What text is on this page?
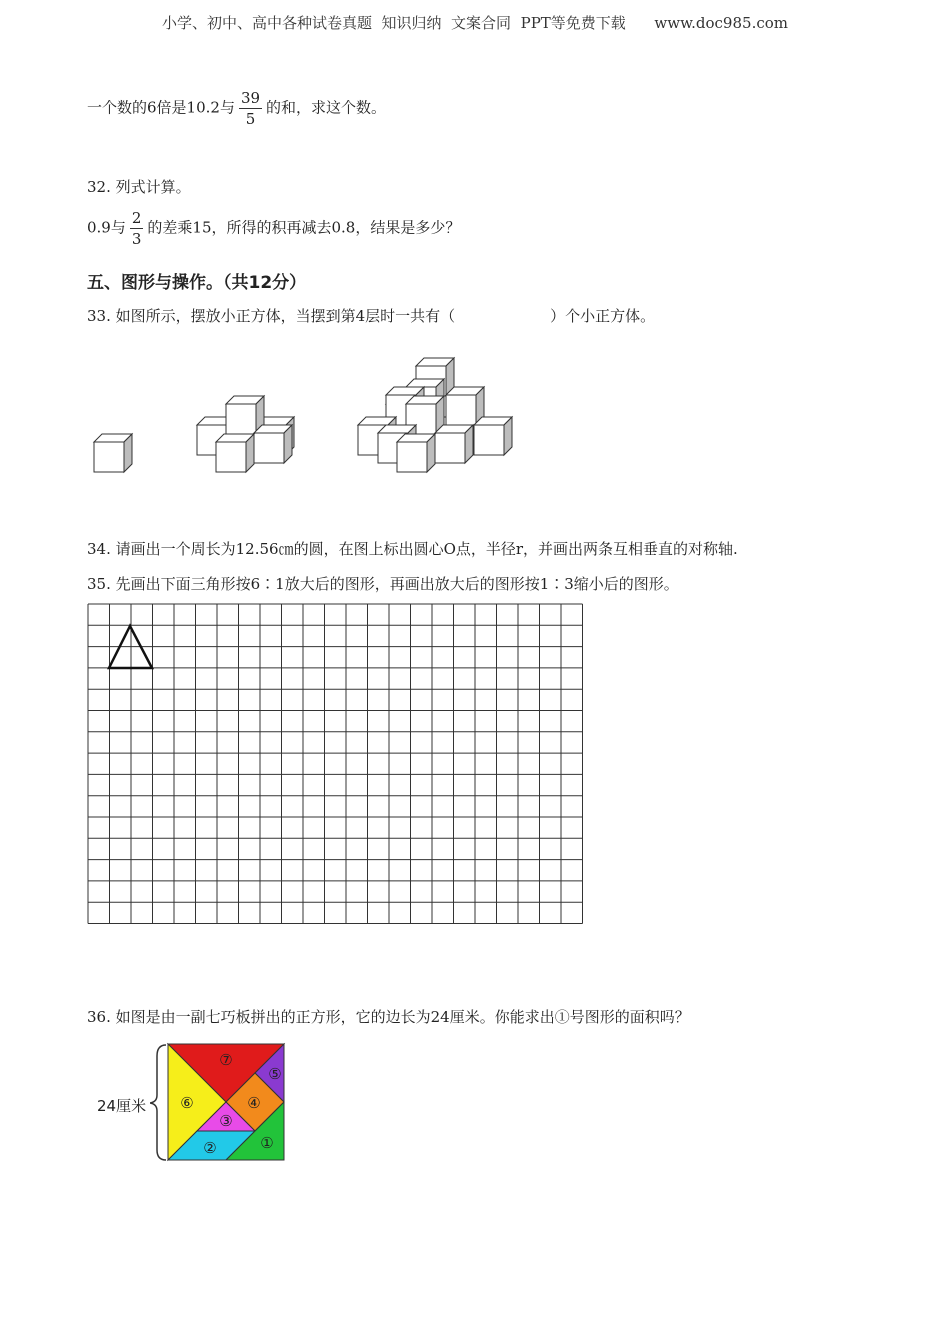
小学、初中、高中各种试卷真题  知识归纳  文案合同  PPT等免费下载      www.doc985.com
一个数的6倍是10.2与 $\frac{39}{5}$ 的和，求这个数。
32. 列式计算。
0.9与 $\frac{2}{3}$ 的差乘15，所得的积再减去0.8，结果是多少？
五、图形与操作。（共12分）
33. 如图所示，摆放小正方体，当摆到第4层时一共有（	）个小正方体。
34. 请画出一个周长为12.56㎝的圆，在图上标出圆心O点，半径r，并画出两条互相垂直的对称轴.
35. 先画出下面三角形按6∶1放大后的图形，再画出放大后的图形按1∶3缩小后的图形。
36. 如图是由一副七巧板拼出的正方形，它的边长为24厘米。你能求出①号图形的面积吗？
24厘米
①
②
③
④
⑤
⑥
⑦
